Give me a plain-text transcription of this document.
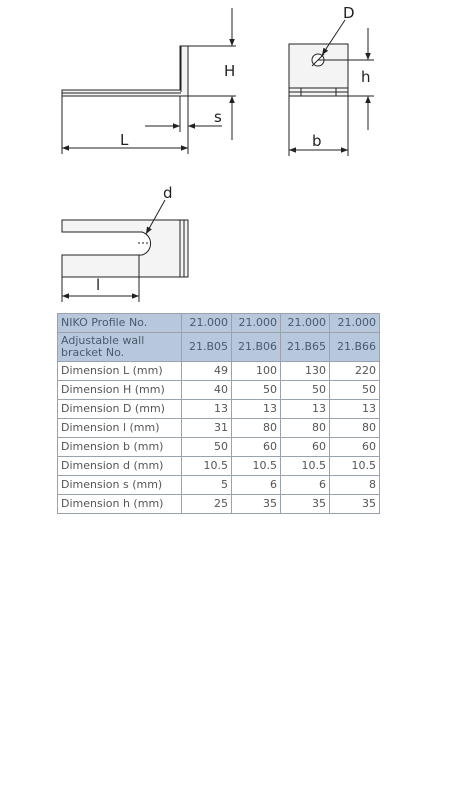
H
s
L
D
h
b
d
l
NIKO Profile No.	21.000	21.000	21.000	21.000
Adjustable wall bracket No.	21.B05	21.B06	21.B65	21.B66
Dimension L (mm)	49	100	130	220
Dimension H (mm)	40	50	50	50
Dimension D (mm)	13	13	13	13
Dimension l (mm)	31	80	80	80
Dimension b (mm)	50	60	60	60
Dimension d (mm)	10.5	10.5	10.5	10.5
Dimension s (mm)	5	6	6	8
Dimension h (mm)	25	35	35	35
